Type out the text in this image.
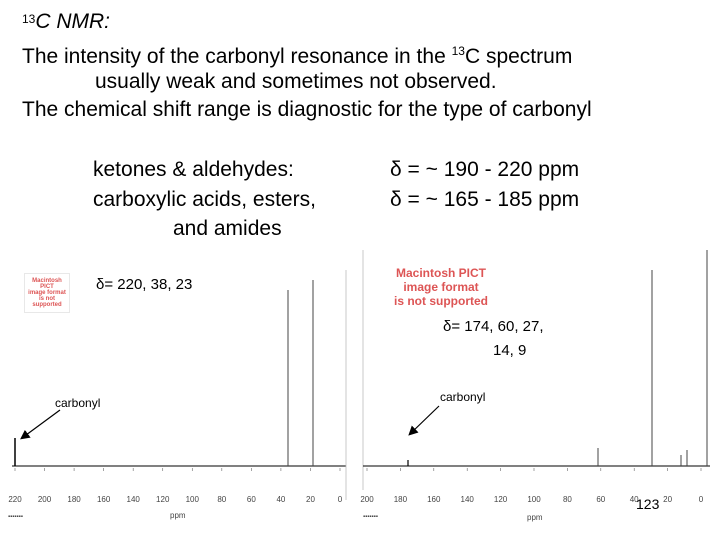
$^{13}$C NMR:
The intensity of the carbonyl resonance in the $^{13}$C spectrum
usually weak and sometimes not observed.
The chemical shift range is diagnostic for the type of carbonyl
ketones & aldehydes:	δ = ~ 190 - 220 ppm
carboxylic acids, esters,	δ = ~ 165 - 185 ppm
and amides
Macintosh PICT
image format
is not supported
Macintosh PICT
image format
is not supported
δ= 220, 38, 23
δ= 174, 60, 27,
14, 9
carbonyl	carbonyl
220 200 180 160 140 120 100 80	60	40	20	0
ppm
▪▪▪▪▪▪▪
200	180	160	140	120	100	80	60	40	20	0
ppm
▪▪▪▪▪▪▪
123
